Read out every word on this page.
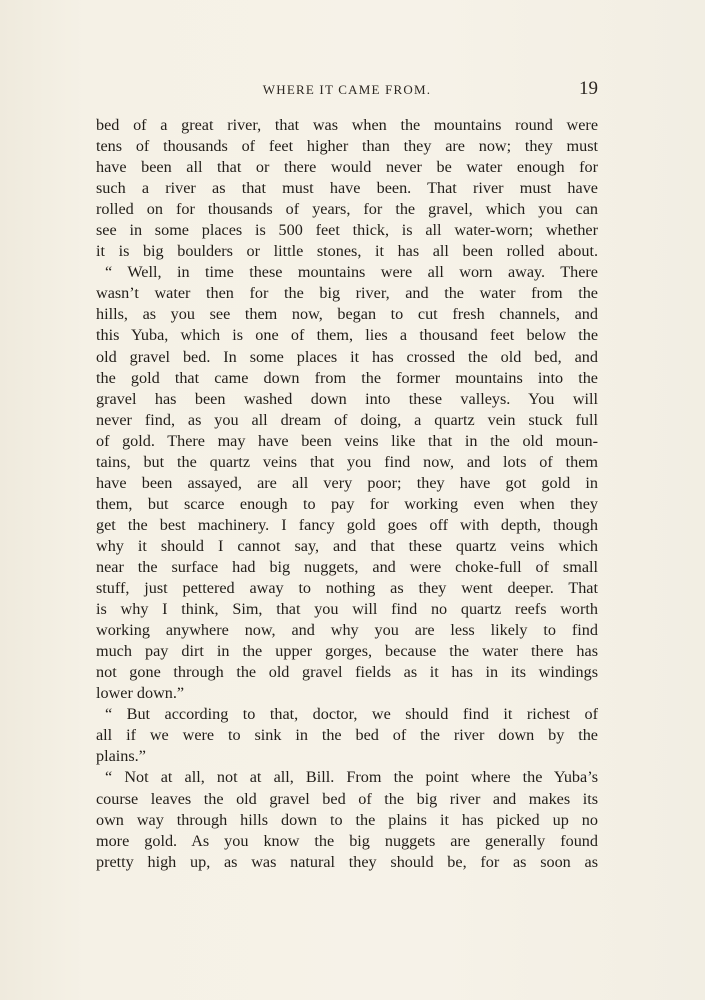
WHERE IT CAME FROM.	19
bed of a great river, that was when the mountains round were
tens of thousands of feet higher than they are now; they must
have been all that or there would never be water enough for
such a river as that must have been. That river must have
rolled on for thousands of years, for the gravel, which you can
see in some places is 500 feet thick, is all water-worn; whether
it is big boulders or little stones, it has all been rolled about.
“ Well, in time these mountains were all worn away. There
wasn’t water then for the big river, and the water from the
hills, as you see them now, began to cut fresh channels, and
this Yuba, which is one of them, lies a thousand feet below the
old gravel bed. In some places it has crossed the old bed, and
the gold that came down from the former mountains into the
gravel has been washed down into these valleys. You will
never find, as you all dream of doing, a quartz vein stuck full
of gold. There may have been veins like that in the old moun-
tains, but the quartz veins that you find now, and lots of them
have been assayed, are all very poor; they have got gold in
them, but scarce enough to pay for working even when they
get the best machinery. I fancy gold goes off with depth, though
why it should I cannot say, and that these quartz veins which
near the surface had big nuggets, and were choke-full of small
stuff, just pettered away to nothing as they went deeper. That
is why I think, Sim, that you will find no quartz reefs worth
working anywhere now, and why you are less likely to find
much pay dirt in the upper gorges, because the water there has
not gone through the old gravel fields as it has in its windings
lower down.”
“ But according to that, doctor, we should find it richest of
all if we were to sink in the bed of the river down by the
plains.”
“ Not at all, not at all, Bill. From the point where the Yuba’s
course leaves the old gravel bed of the big river and makes its
own way through hills down to the plains it has picked up no
more gold. As you know the big nuggets are generally found
pretty high up, as was natural they should be, for as soon as
